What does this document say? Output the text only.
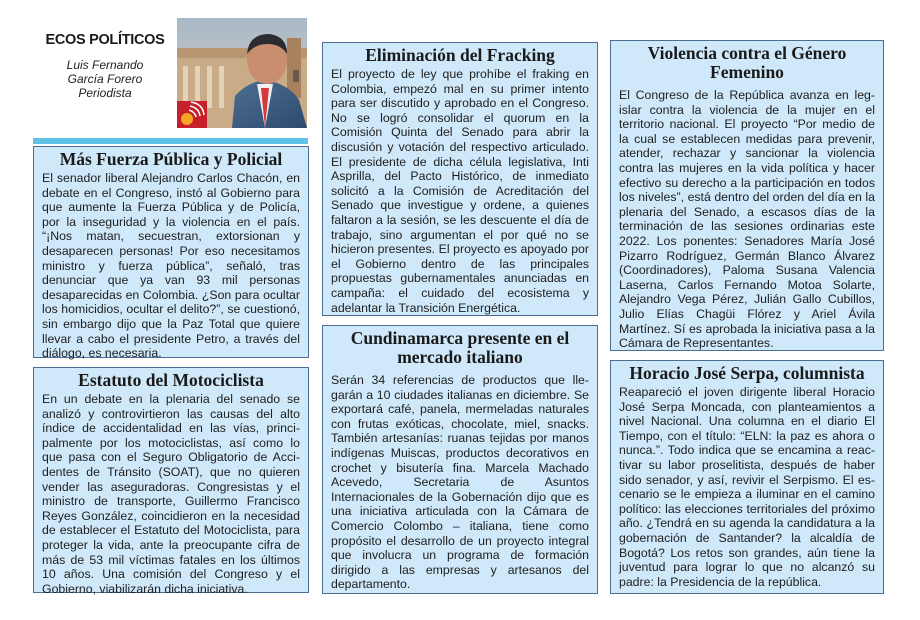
ECOS POLÍTICOS
Luis Fernando
García Forero
Periodista
Más Fuerza Pública y Policial

El senador liberal Alejandro Carlos Chacón, en debate en el Congreso, instó al Gobierno para que aumente la Fuerza Pública y de Policía, por la inseguridad y la violencia en el país. “¡Nos matan, secuestran, extorsionan y desaparecen personas! Por eso necesitamos ministro y fuerza pública”, señaló, tras denunciar que ya van 93 mil personas desaparecidas en Colombia. ¿Son para ocultar los homicidios, ocultar el delito?”, se cuestionó, sin embargo dijo que la Paz Total que quiere llevar a cabo el presidente Petro, a través del diálogo, es necesaria.

Estatuto del Motociclista

En un debate en la plenaria del senado se analizó y controvirtieron las causas del alto índice de accidentalidad en las vías, principalmente por los motociclistas, así como lo que pasa con el Seguro Obligatorio de Accidentes de Tránsito (SOAT), que no quieren vender las aseguradoras. Congresistas y el ministro de transporte, Guillermo Francisco Reyes González, coincidieron en la necesidad de establecer el Estatuto del Motociclista, para proteger la vida, ante la preocupante cifra de más de 53 mil víctimas fatales en los últimos 10 años. Una comisión del Congreso y el Gobierno, viabilizarán dicha iniciativa.

Eliminación del Fracking

El proyecto de ley que prohíbe el fraking en Colombia, empezó mal en su primer intento para ser discutido y aprobado en el Congreso. No se logró consolidar el quorum en la Comisión Quinta del Senado para abrir la discusión y votación del respectivo articulado. El presidente de dicha célula legislativa, Inti Asprilla, del Pacto Histórico, de inmediato solicitó a la Comisión de Acreditación del Senado que investigue y ordene, a quienes faltaron a la sesión, se les descuente el día de trabajo, sino argumentan el por qué no se hicieron presentes. El proyecto es apoyado por el Gobierno dentro de las principales propuestas gubernamentales anunciadas en campaña: el cuidado del ecosistema y adelantar la Transición Energética.

Cundinamarca presente en el mercado italiano

Serán 34 referencias de productos que llegarán a 10 ciudades italianas en diciembre. Se exportará café, panela, mermeladas naturales con frutas exóticas, chocolate, miel, snacks. También artesanías: ruanas tejidas por manos indígenas Muiscas, productos decorativos en crochet y bisutería fina. Marcela Machado Acevedo, Secretaria de Asuntos Internacionales de la Gobernación dijo que es una iniciativa articulada con la Cámara de Comercio Colombo – italiana, tiene como propósito el desarrollo de un proyecto integral que involucra un programa de formación dirigido a las empresas y artesanos del departamento.

Violencia contra el Género Femenino

El Congreso de la República avanza en legislar contra la violencia de la mujer en el territorio nacional. El proyecto “Por medio de la cual se establecen medidas para prevenir, atender, rechazar y sancionar la violencia contra las mujeres en la vida política y hacer efectivo su derecho a la participación en todos los niveles”, está dentro del orden del día en la plenaria del Senado, a escasos días de la terminación de las sesiones ordinarias este 2022. Los ponentes: Senadores María José Pizarro Rodríguez, Germán Blanco Álvarez (Coordinadores), Paloma Susana Valencia Laserna, Carlos Fernando Motoa Solarte, Alejandro Vega Pérez, Julián Gallo Cubillos, Julio Elías Chagüi Flórez y Ariel Ávila Martínez. Sí es aprobada la iniciativa pasa a la Cámara de Representantes.

Horacio José Serpa, columnista

Reapareció el joven dirigente liberal Horacio José Serpa Moncada, con planteamientos a nivel Nacional. Una columna en el diario El Tiempo, con el título: “ELN: la paz es ahora o nunca.”. Todo indica que se encamina a reactivar su labor proselitista, después de haber sido senador, y así, revivir el Serpismo. El escenario se le empieza a iluminar en el camino político: las elecciones territoriales del próximo año. ¿Tendrá en su agenda la candidatura a la gobernación de Santander? la alcaldía de Bogotá? Los retos son grandes, aún tiene la juventud para lograr lo que no alcanzó su padre: la Presidencia de la república.
